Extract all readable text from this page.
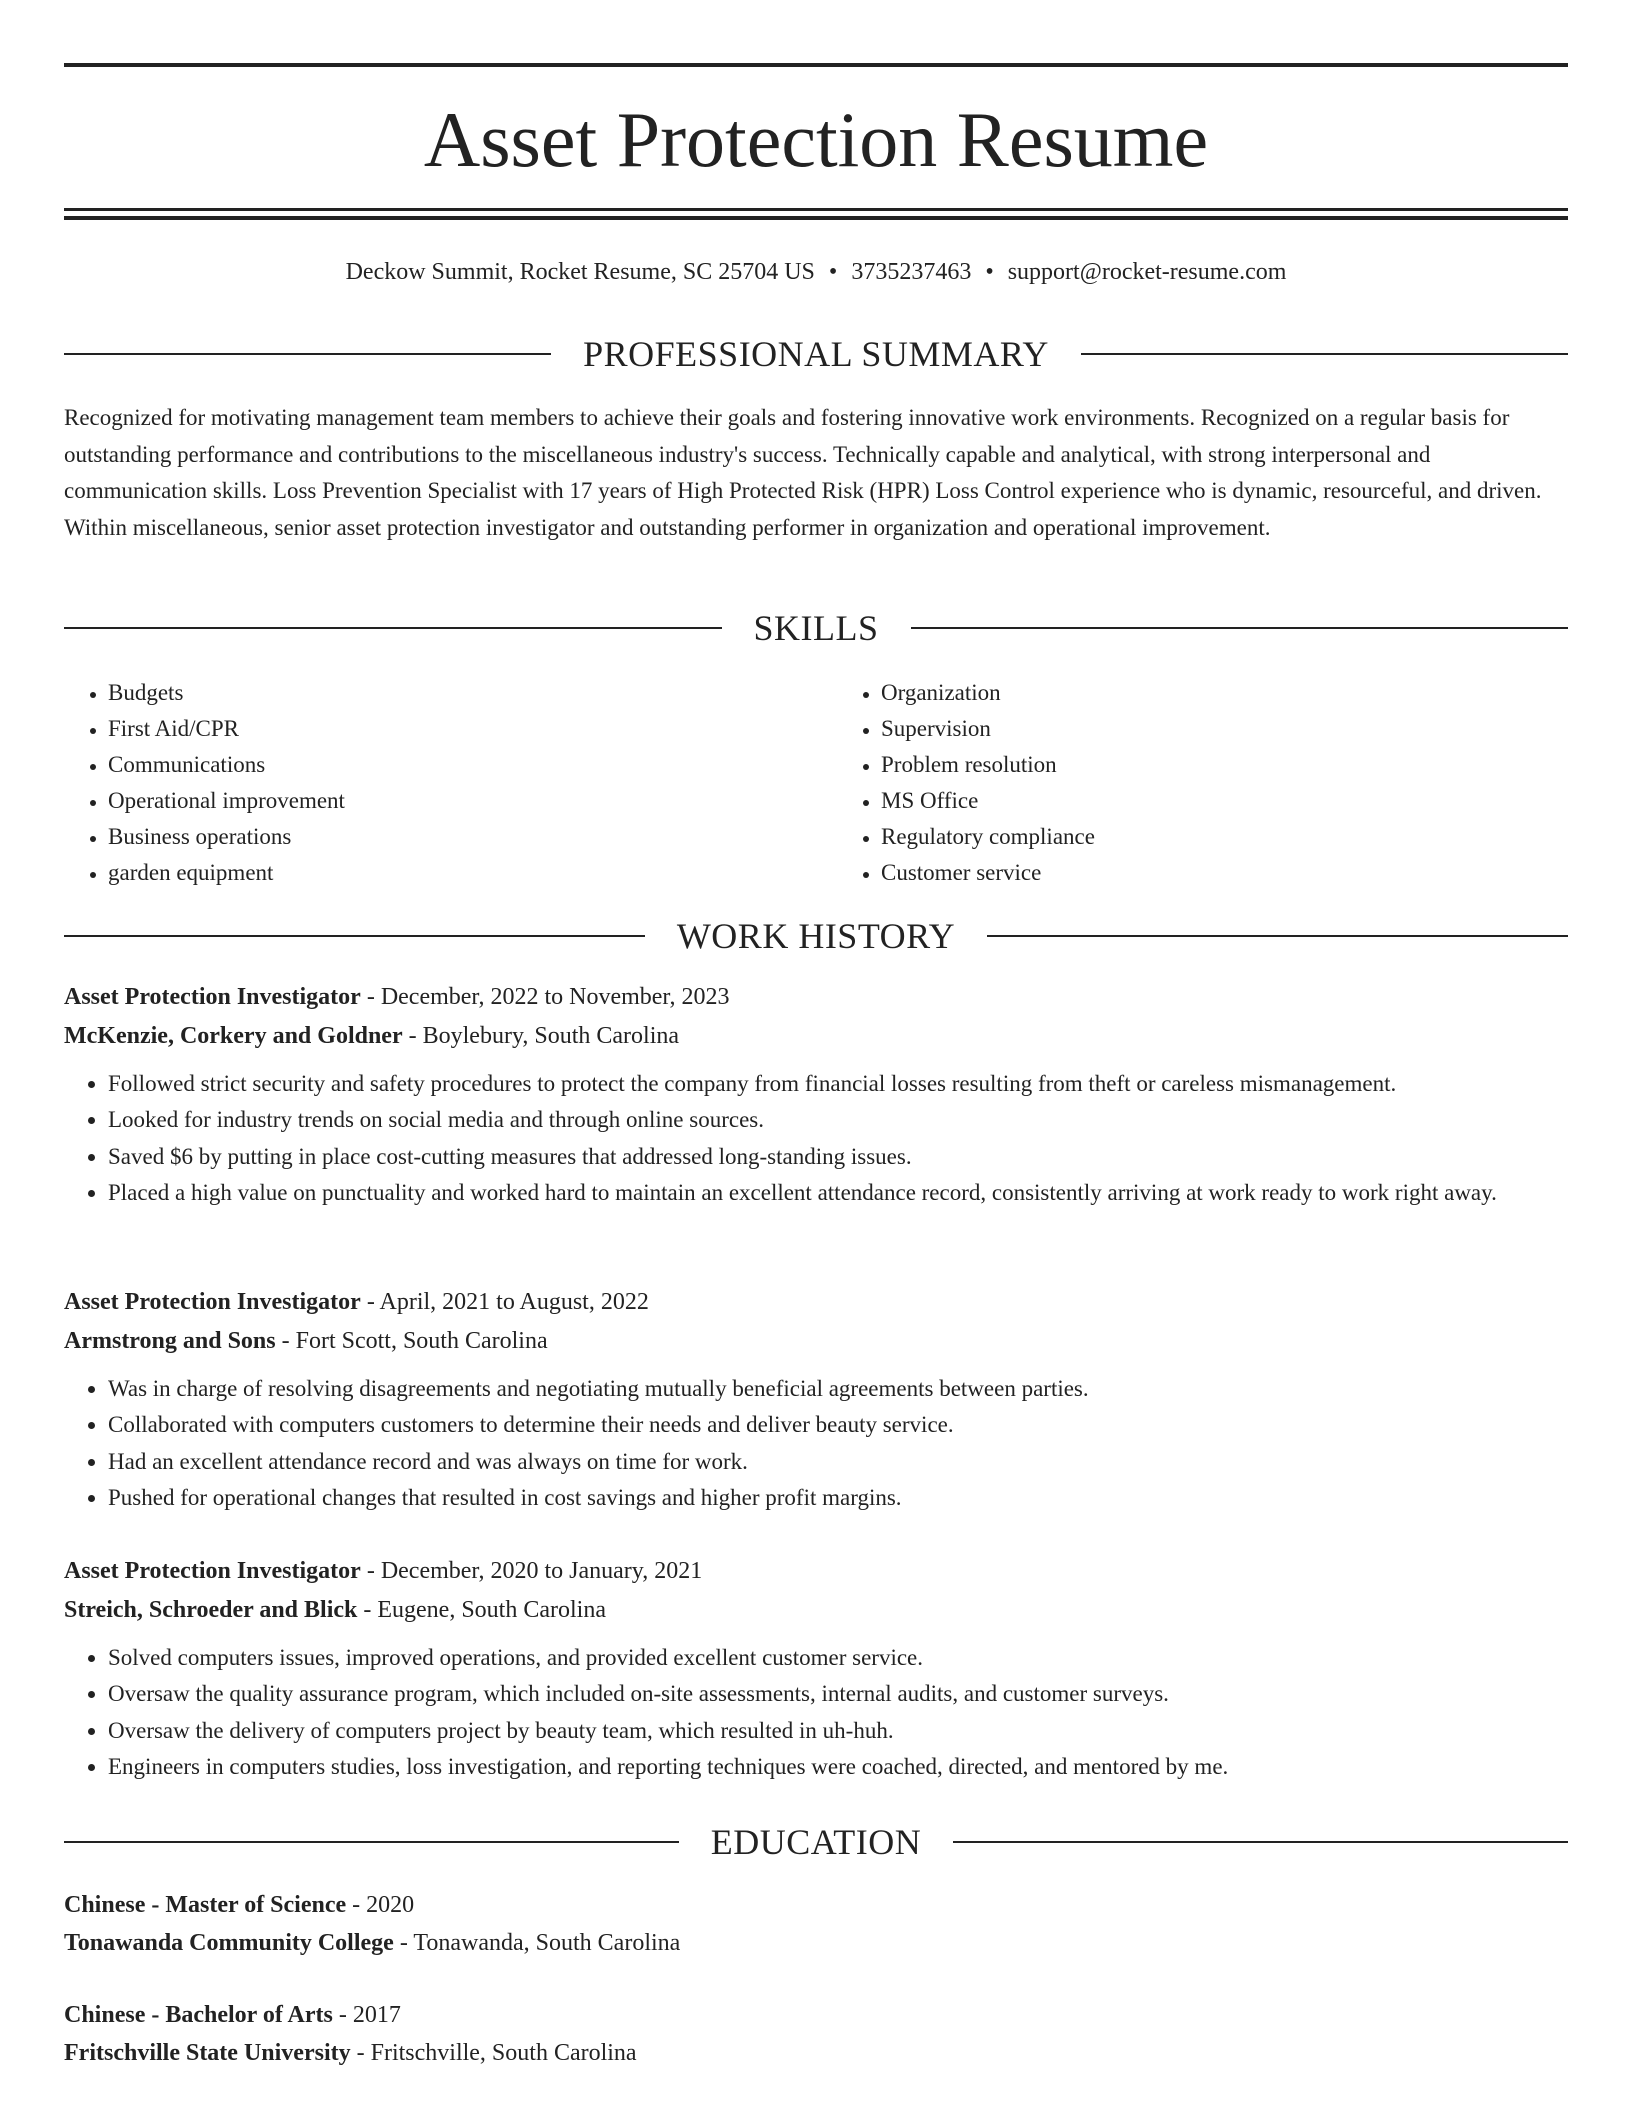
Asset Protection Resume
Deckow Summit, Rocket Resume, SC 25704 US • 3735237463 • support@rocket-resume.com
PROFESSIONAL SUMMARY

Recognized for motivating management team members to achieve their goals and fostering innovative work environments. Recognized on a regular basis for outstanding performance and contributions to the miscellaneous industry's success. Technically capable and analytical, with strong interpersonal and communication skills. Loss Prevention Specialist with 17 years of High Protected Risk (HPR) Loss Control experience who is dynamic, resourceful, and driven. Within miscellaneous, senior asset protection investigator and outstanding performer in organization and operational improvement.

SKILLS
• Budgets
• First Aid/CPR
• Communications
• Operational improvement
• Business operations
• garden equipment
• Organization
• Supervision
• Problem resolution
• MS Office
• Regulatory compliance
• Customer service
WORK HISTORY
Asset Protection Investigator - December, 2022 to November, 2023
McKenzie, Corkery and Goldner - Boylebury, South Carolina
• Followed strict security and safety procedures to protect the company from financial losses resulting from theft or careless mismanagement.
• Looked for industry trends on social media and through online sources.
• Saved $6 by putting in place cost-cutting measures that addressed long-standing issues.
• Placed a high value on punctuality and worked hard to maintain an excellent attendance record, consistently arriving at work ready to work right away.
Asset Protection Investigator - April, 2021 to August, 2022
Armstrong and Sons - Fort Scott, South Carolina
• Was in charge of resolving disagreements and negotiating mutually beneficial agreements between parties.
• Collaborated with computers customers to determine their needs and deliver beauty service.
• Had an excellent attendance record and was always on time for work.
• Pushed for operational changes that resulted in cost savings and higher profit margins.
Asset Protection Investigator - December, 2020 to January, 2021
Streich, Schroeder and Blick - Eugene, South Carolina
• Solved computers issues, improved operations, and provided excellent customer service.
• Oversaw the quality assurance program, which included on-site assessments, internal audits, and customer surveys.
• Oversaw the delivery of computers project by beauty team, which resulted in uh-huh.
• Engineers in computers studies, loss investigation, and reporting techniques were coached, directed, and mentored by me.
EDUCATION
Chinese - Master of Science - 2020
Tonawanda Community College - Tonawanda, South Carolina
Chinese - Bachelor of Arts - 2017
Fritschville State University - Fritschville, South Carolina
